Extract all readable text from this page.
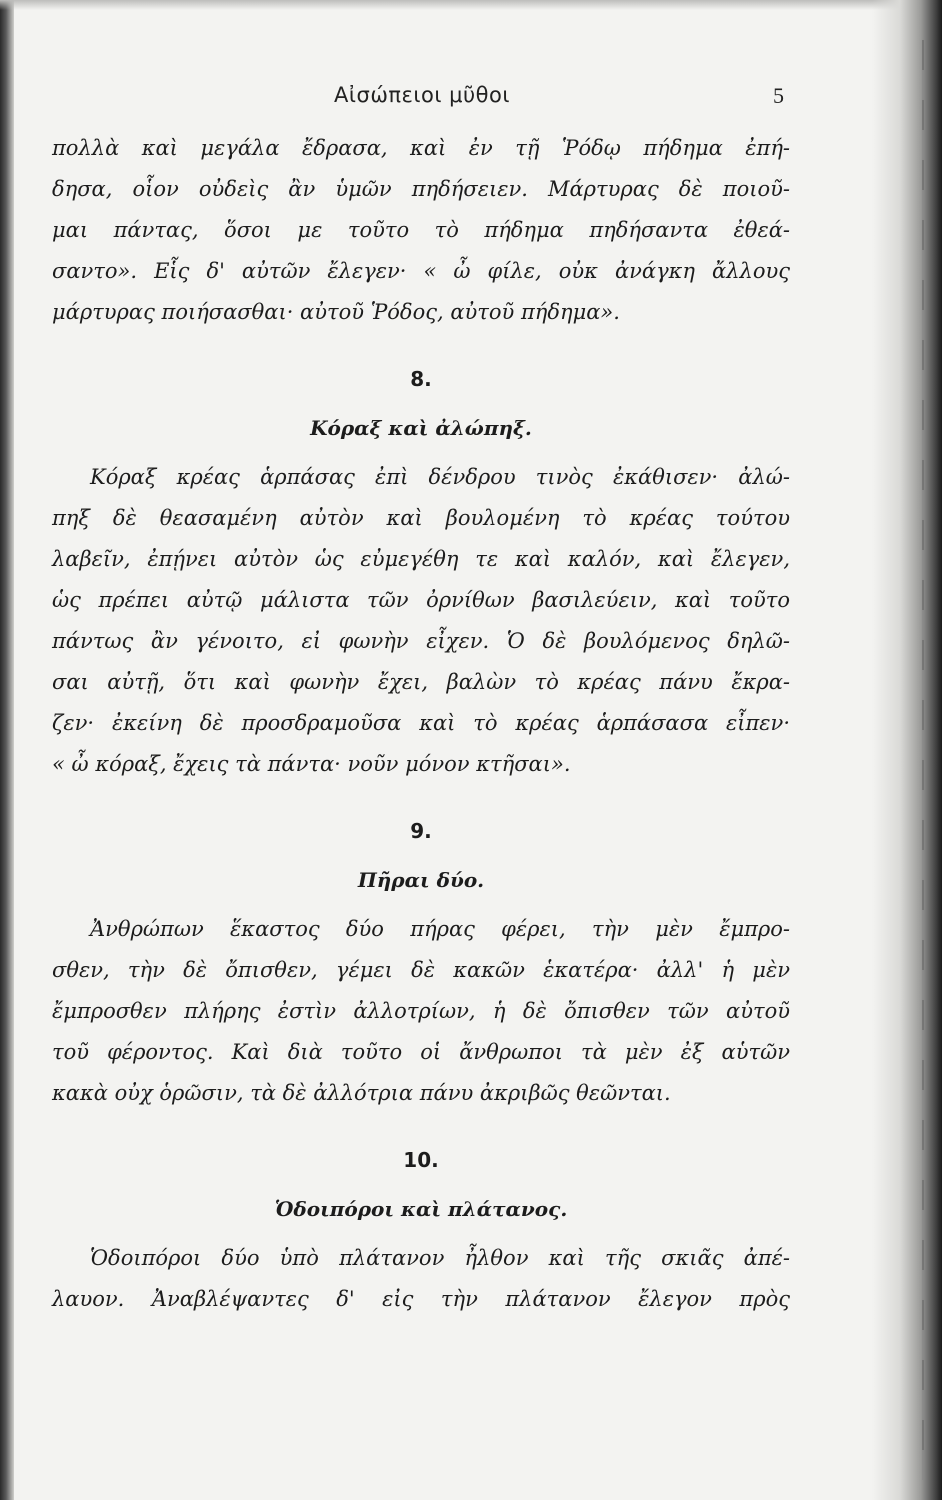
Αἰσώπειοι μῦθοι	5
πολλὰ καὶ μεγάλα ἔδρασα, καὶ ἐν τῇ Ῥόδῳ πήδημα ἐπή-
δησα, οἷον οὐδεὶς ἂν ὑμῶν πηδήσειεν. Μάρτυρας δὲ ποιοῦ-
μαι πάντας, ὅσοι με τοῦτο τὸ πήδημα πηδήσαντα ἐθεά-
σαντο». Εἷς δ' αὐτῶν ἔλεγεν· « ὦ φίλε, οὐκ ἀνάγκη ἄλλους
μάρτυρας ποιήσασθαι· αὐτοῦ Ῥόδος, αὐτοῦ πήδημα».
8.
Κόραξ καὶ ἀλώπηξ.
Κόραξ κρέας ἁρπάσας ἐπὶ δένδρου τινὸς ἐκάθισεν· ἀλώ-
πηξ δὲ θεασαμένη αὐτὸν καὶ βουλομένη τὸ κρέας τούτου
λαβεῖν, ἐπῄνει αὐτὸν ὡς εὐμεγέθη τε καὶ καλόν, καὶ ἔλεγεν,
ὡς πρέπει αὐτῷ μάλιστα τῶν ὀρνίθων βασιλεύειν, καὶ τοῦτο
πάντως ἂν γένοιτο, εἰ φωνὴν εἶχεν. Ὁ δὲ βουλόμενος δηλῶ-
σαι αὐτῇ, ὅτι καὶ φωνὴν ἔχει, βαλὼν τὸ κρέας πάνυ ἔκρα-
ζεν· ἐκείνη δὲ προσδραμοῦσα καὶ τὸ κρέας ἁρπάσασα εἶπεν·
« ὦ κόραξ, ἔχεις τὰ πάντα· νοῦν μόνον κτῆσαι».
9.
Πῆραι δύο.
Ἀνθρώπων ἕκαστος δύο πήρας φέρει, τὴν μὲν ἔμπρο-
σθεν, τὴν δὲ ὄπισθεν, γέμει δὲ κακῶν ἑκατέρα· ἀλλ' ἡ μὲν
ἔμπροσθεν πλήρης ἐστὶν ἀλλοτρίων, ἡ δὲ ὄπισθεν τῶν αὐτοῦ
τοῦ φέροντος. Καὶ διὰ τοῦτο οἱ ἄνθρωποι τὰ μὲν ἐξ αὑτῶν
κακὰ οὐχ ὁρῶσιν, τὰ δὲ ἀλλότρια πάνυ ἀκριβῶς θεῶνται.
10.
Ὁδοιπόροι καὶ πλάτανος.
Ὁδοιπόροι δύο ὑπὸ πλάτανον ἦλθον καὶ τῆς σκιᾶς ἀπέ-
λαυον. Ἀναβλέψαντες δ' εἰς τὴν πλάτανον ἔλεγον πρὸς
